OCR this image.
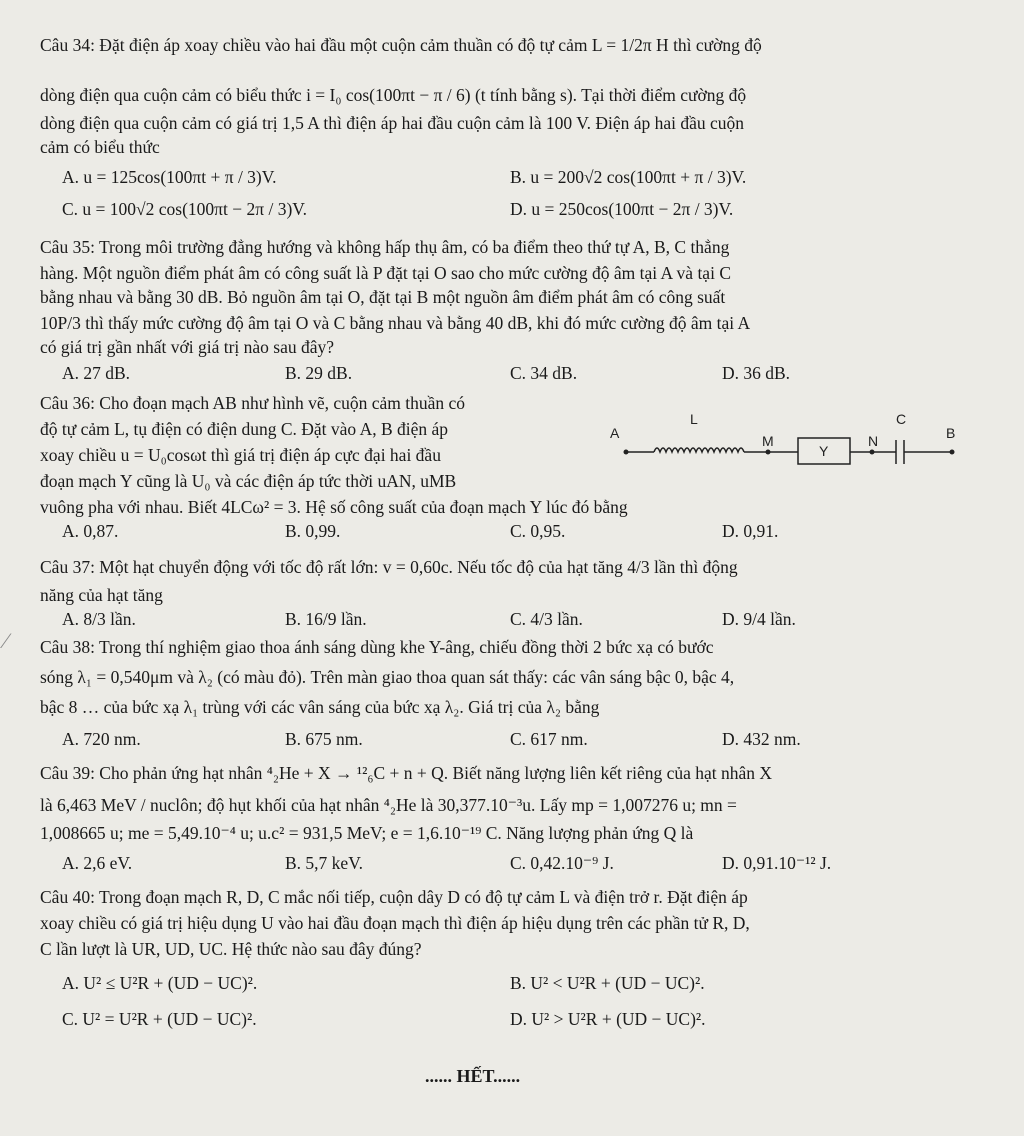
Câu 34: Đặt điện áp xoay chiều vào hai đầu một cuộn cảm thuần có độ tự cảm L = 1/2π H thì cường độ
dòng điện qua cuộn cảm có biểu thức i = I₀ cos(100πt − π / 6) (t tính bằng s). Tại thời điểm cường độ
dòng điện qua cuộn cảm có giá trị 1,5 A thì điện áp hai đầu cuộn cảm là 100 V. Điện áp hai đầu cuộn
cảm có biểu thức
A. u = 125cos(100πt + π / 3)V.	B. u = 200√2 cos(100πt + π / 3)V.
C. u = 100√2 cos(100πt − 2π / 3)V.	D. u = 250cos(100πt − 2π / 3)V.
Câu 35: Trong môi trường đẳng hướng và không hấp thụ âm, có ba điểm theo thứ tự A, B, C thẳng
hàng. Một nguồn điểm phát âm có công suất là P đặt tại O sao cho mức cường độ âm tại A và tại C
bằng nhau và bằng 30 dB. Bỏ nguồn âm tại O, đặt tại B một nguồn âm điểm phát âm có công suất
10P/3 thì thấy mức cường độ âm tại O và C bằng nhau và bằng 40 dB, khi đó mức cường độ âm tại A
có giá trị gần nhất với giá trị nào sau đây?
A. 27 dB.	B. 29 dB.	C. 34 dB.	D. 36 dB.
Câu 36: Cho đoạn mạch AB như hình vẽ, cuộn cảm thuần có
độ tự cảm L, tụ điện có điện dung C. Đặt vào A, B điện áp
xoay chiều u = U₀cosωt thì giá trị điện áp cực đại hai đầu
đoạn mạch Y cũng là U₀ và các điện áp tức thời uAN, uMB
vuông pha với nhau. Biết 4LCω² = 3. Hệ số công suất của đoạn mạch Y lúc đó bằng
A. 0,87.	B. 0,99.	C. 0,95.	D. 0,91.
A
L
M
Y
N
C
B
Câu 37: Một hạt chuyển động với tốc độ rất lớn: v = 0,60c. Nếu tốc độ của hạt tăng 4/3 lần thì động
năng của hạt tăng
A. 8/3 lần.	B. 16/9 lần.	C. 4/3 lần.	D. 9/4 lần.
⁄ Câu 38: Trong thí nghiệm giao thoa ánh sáng dùng khe Y-âng, chiếu đồng thời 2 bức xạ có bước
sóng λ₁ = 0,540μm và λ₂ (có màu đỏ). Trên màn giao thoa quan sát thấy: các vân sáng bậc 0, bậc 4,
bậc 8 … của bức xạ λ₁ trùng với các vân sáng của bức xạ λ₂. Giá trị của λ₂ bằng
A. 720 nm.	B. 675 nm.	C. 617 nm.	D. 432 nm.
Câu 39: Cho phản ứng hạt nhân ⁴₂He + X → ¹²₆C + n + Q. Biết năng lượng liên kết riêng của hạt nhân X
là 6,463 MeV / nuclôn; độ hụt khối của hạt nhân ⁴₂He là 30,377.10⁻³u. Lấy mp = 1,007276 u; mn =
1,008665 u; me = 5,49.10⁻⁴ u; u.c² = 931,5 MeV; e = 1,6.10⁻¹⁹ C. Năng lượng phản ứng Q là
A. 2,6 eV.	B. 5,7 keV.	C. 0,42.10⁻⁹ J.	D. 0,91.10⁻¹² J.
Câu 40: Trong đoạn mạch R, D, C mắc nối tiếp, cuộn dây D có độ tự cảm L và điện trở r. Đặt điện áp
xoay chiều có giá trị hiệu dụng U vào hai đầu đoạn mạch thì điện áp hiệu dụng trên các phần tử R, D,
C lần lượt là UR, UD, UC. Hệ thức nào sau đây đúng?
A. U² ≤ U²R + (UD − UC)².	B. U² < U²R + (UD − UC)².
C. U² = U²R + (UD − UC)².	D. U² > U²R + (UD − UC)².
...... HẾT......
